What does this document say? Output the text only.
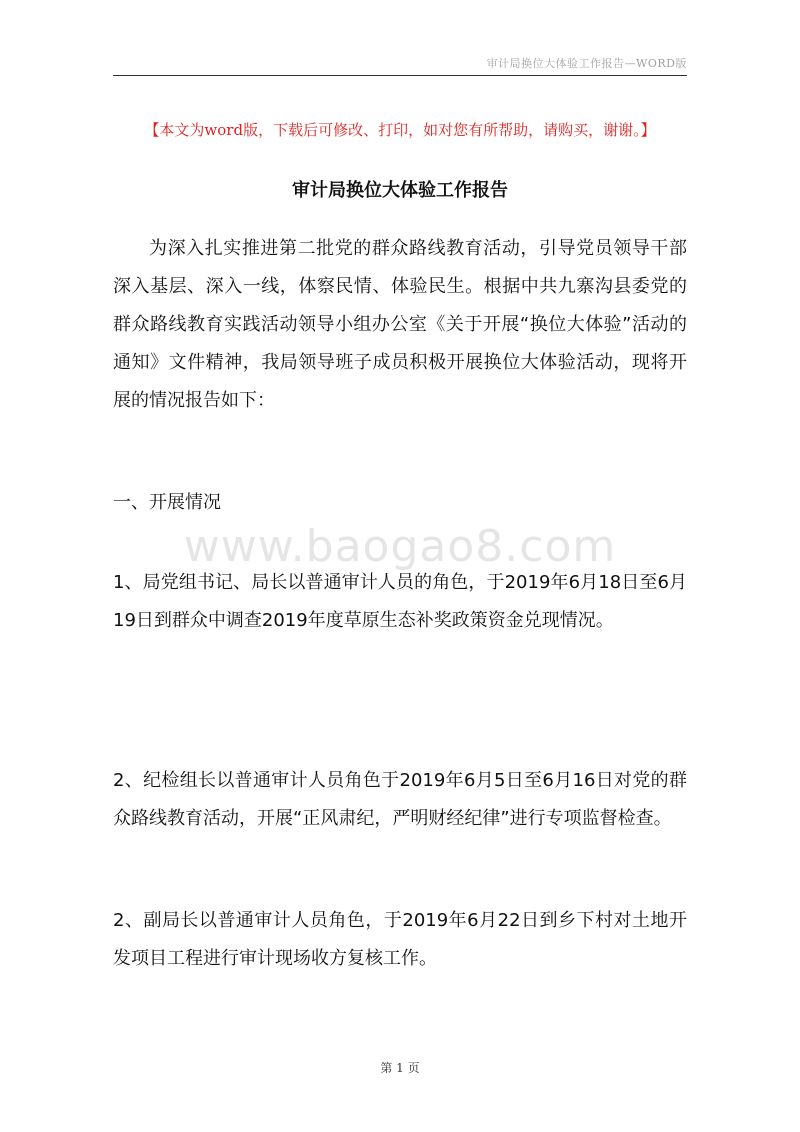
审计局换位大体验工作报告—WORD版
【本文为word版，下载后可修改、打印，如对您有所帮助，请购买，谢谢。】
审计局换位大体验工作报告
为深入扎实推进第二批党的群众路线教育活动，引导党员领导干部深入基层、深入一线，体察民情、体验民生。根据中共九寨沟县委党的群众路线教育实践活动领导小组办公室《关于开展“换位大体验”活动的通知》文件精神，我局领导班子成员积极开展换位大体验活动，现将开展的情况报告如下：
一、开展情况
www.baogao8.com
1、局党组书记、局长以普通审计人员的角色，于2019年6月18日至6月19日到群众中调查2019年度草原生态补奖政策资金兑现情况。
2、纪检组长以普通审计人员角色于2019年6月5日至6月16日对党的群众路线教育活动，开展“正风肃纪，严明财经纪律”进行专项监督检查。
2、副局长以普通审计人员角色，于2019年6月22日到乡下村对土地开发项目工程进行审计现场收方复核工作。
第 1 页
